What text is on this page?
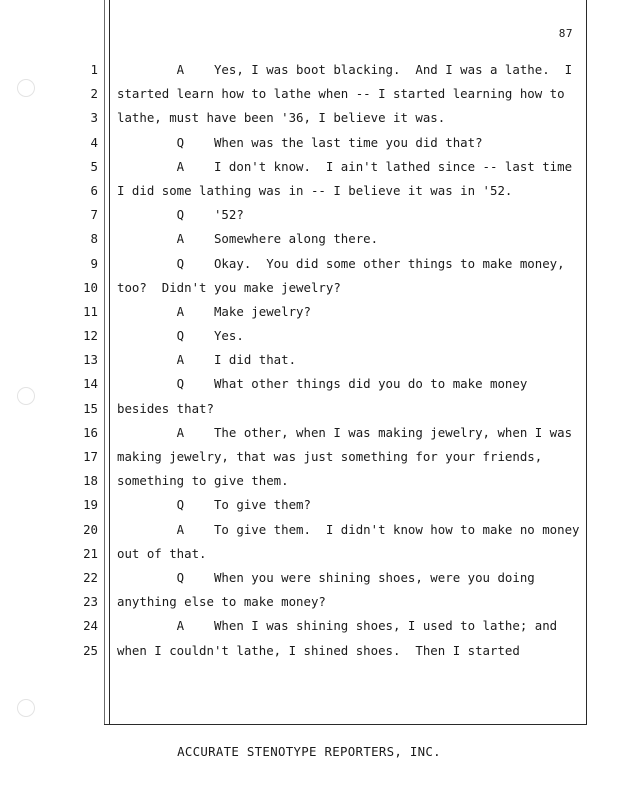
87
1 A    Yes, I was boot blacking.  And I was a lathe.  I
2 started learn how to lathe when -- I started learning how to
3 lathe, must have been '36, I believe it was.
4 Q    When was the last time you did that?
5 A    I don't know.  I ain't lathed since -- last time
6 I did some lathing was in -- I believe it was in '52.
7 Q    '52?
8 A    Somewhere along there.
9 Q    Okay.  You did some other things to make money,
10 too?  Didn't you make jewelry?
11 A    Make jewelry?
12 Q    Yes.
13 A    I did that.
14 Q    What other things did you do to make money
15 besides that?
16 A    The other, when I was making jewelry, when I was
17 making jewelry, that was just something for your friends,
18 something to give them.
19 Q    To give them?
20 A    To give them.  I didn't know how to make no money
21 out of that.
22 Q    When you were shining shoes, were you doing
23 anything else to make money?
24 A    When I was shining shoes, I used to lathe; and
25 when I couldn't lathe, I shined shoes.  Then I started
ACCURATE STENOTYPE REPORTERS, INC.
